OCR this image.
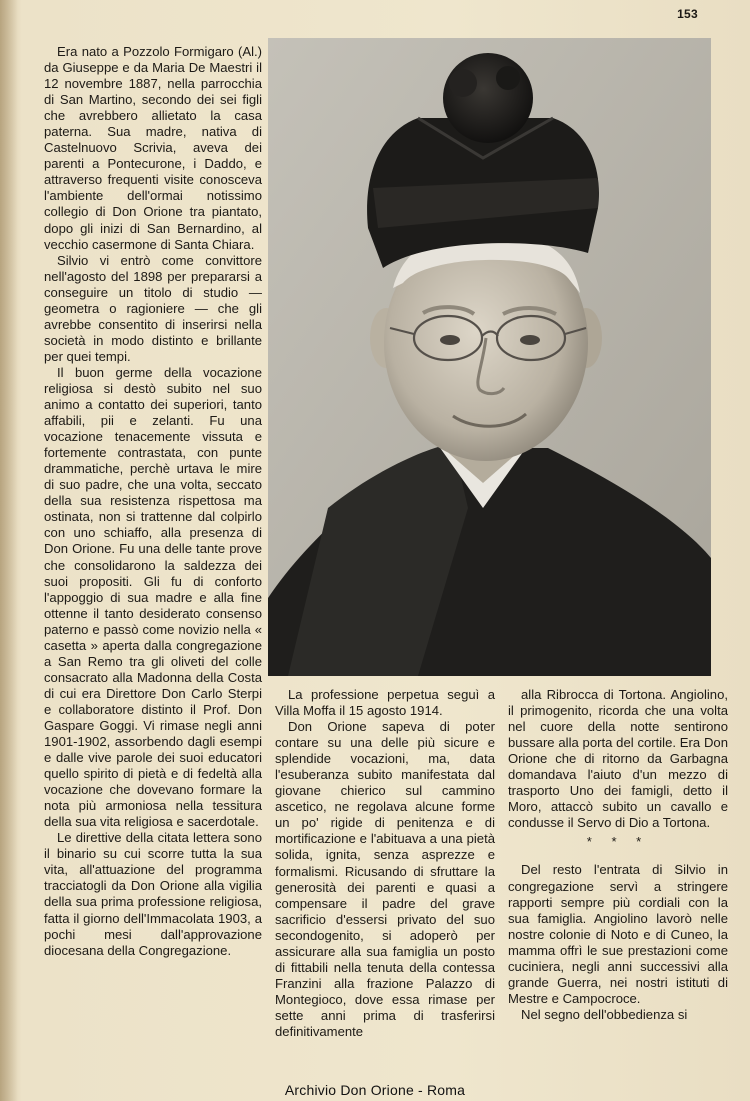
153

Era nato a Pozzolo Formigaro (Al.) da Giuseppe e da Maria De Maestri il 12 novembre 1887, nella parrocchia di San Martino, secondo dei sei figli che avrebbero allietato la casa paterna. Sua madre, nativa di Castelnuovo Scrivia, aveva dei parenti a Pontecurone, i Daddo, e attraverso frequenti visite conosceva l'ambiente dell'ormai notissimo collegio di Don Orione tra piantato, dopo gli inizi di San Bernardino, al vecchio casermone di Santa Chiara.

Silvio vi entrò come convittore nell'agosto del 1898 per prepararsi a conseguire un titolo di studio — geometra o ragioniere — che gli avrebbe consentito di inserirsi nella società in modo distinto e brillante per quei tempi.

Il buon germe della vocazione religiosa si destò subito nel suo animo a contatto dei superiori, tanto affabili, pii e zelanti. Fu una vocazione tenacemente vissuta e fortemente contrastata, con punte drammatiche, perchè urtava le mire di suo padre, che una volta, seccato della sua resistenza rispettosa ma ostinata, non si trattenne dal colpirlo con uno schiaffo, alla presenza di Don Orione. Fu una delle tante prove che consolidarono la saldezza dei suoi propositi. Gli fu di conforto l'appoggio di sua madre e alla fine ottenne il tanto desiderato consenso paterno e passò come novizio nella « casetta » aperta dalla congregazione a San Remo tra gli oliveti del colle consacrato alla Madonna della Costa di cui era Direttore Don Carlo Sterpi e collaboratore distinto il Prof. Don Gaspare Goggi. Vi rimase negli anni 1901-1902, assorbendo dagli esempi e dalle vive parole dei suoi educatori quello spirito di pietà e di fedeltà alla vocazione che dovevano formare la nota più armoniosa nella tessitura della sua vita religiosa e sacerdotale.

Le direttive della citata lettera sono il binario su cui scorre tutta la sua vita, all'attuazione del programma tracciatogli da Don Orione alla vigilia della sua prima professione religiosa, fatta il giorno dell'Immacolata 1903, a pochi mesi dall'approvazione diocesana della Congregazione.

La professione perpetua seguì a Villa Moffa il 15 agosto 1914.

Don Orione sapeva di poter contare su una delle più sicure e splendide vocazioni, ma, data l'esuberanza subito manifestata dal giovane chierico sul cammino ascetico, ne regolava alcune forme un po' rigide di penitenza e di mortificazione e l'abituava a una pietà solida, ignita, senza asprezze e formalismi. Ricusando di sfruttare la generosità dei parenti e quasi a compensare il padre del grave sacrificio d'essersi privato del suo secondogenito, si adoperò per assicurare alla sua famiglia un posto di fittabili nella tenuta della contessa Franzini alla frazione Palazzo di Montegioco, dove essa rimase per sette anni prima di trasferirsi definitivamente

alla Ribrocca di Tortona. Angiolino, il primogenito, ricorda che una volta nel cuore della notte sentirono bussare alla porta del cortile. Era Don Orione che di ritorno da Garbagna domandava l'aiuto d'un mezzo di trasporto Uno dei famigli, detto il Moro, attaccò subito un cavallo e condusse il Servo di Dio a Tortona.

* * *

Del resto l'entrata di Silvio in congregazione servì a stringere rapporti sempre più cordiali con la sua famiglia. Angiolino lavorò nelle nostre colonie di Noto e di Cuneo, la mamma offrì le sue prestazioni come cuciniera, negli anni successivi alla grande Guerra, nei nostri istituti di Mestre e Campocroce.

Nel segno dell'obbedienza si

Archivio Don Orione - Roma
